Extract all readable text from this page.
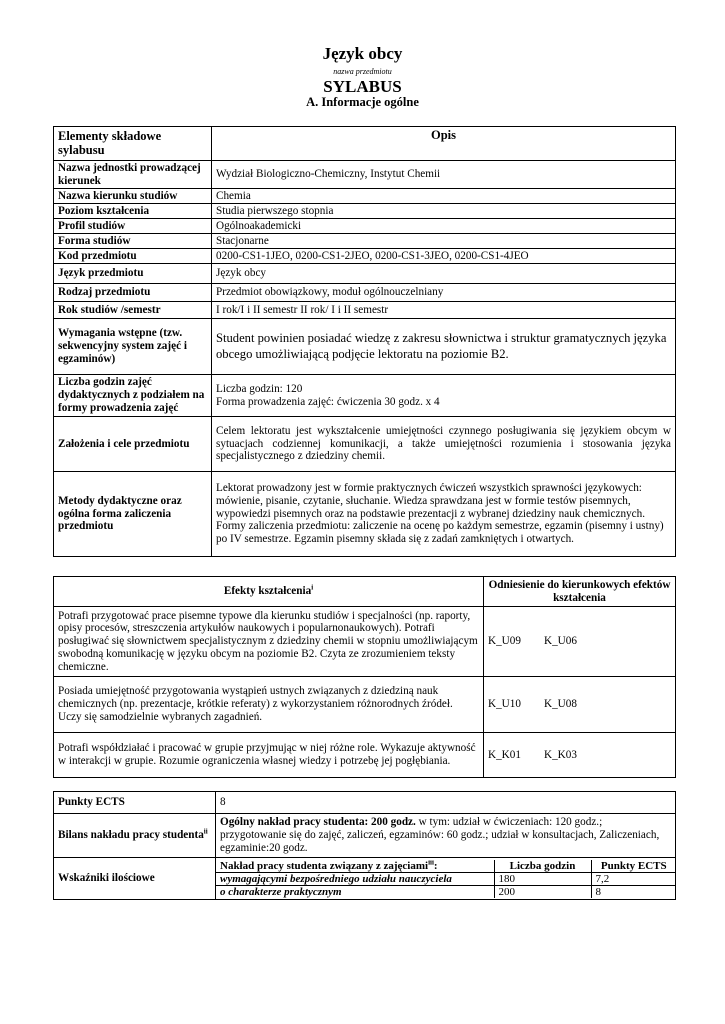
Język obcy
nazwa przedmiotu
SYLABUS
A. Informacje ogólne
Elementy składowe sylabusu	Opis
Nazwa jednostki prowadzącej kierunek	Wydział Biologiczno-Chemiczny, Instytut Chemii
Nazwa kierunku studiów	Chemia
Poziom kształcenia	Studia pierwszego stopnia
Profil studiów	Ogólnoakademicki
Forma studiów	Stacjonarne
Kod przedmiotu	0200-CS1-1JEO, 0200-CS1-2JEO, 0200-CS1-3JEO, 0200-CS1-4JEO
Język przedmiotu	Język obcy
Rodzaj przedmiotu	Przedmiot obowiązkowy, moduł ogólnouczelniany
Rok studiów /semestr	I rok/I i II semestr II rok/ I i II semestr
Wymagania wstępne (tzw. sekwencyjny system zajęć i egzaminów)	Student powinien posiadać wiedzę z zakresu słownictwa i struktur gramatycznych języka obcego umożliwiającą podjęcie lektoratu na poziomie B2.
Liczba godzin zajęć dydaktycznych z podziałem na formy prowadzenia zajęć	Liczba godzin: 120
Forma prowadzenia zajęć: ćwiczenia 30 godz. x 4

Założenia i cele przedmiotu	Celem lektoratu jest wykształcenie umiejętności czynnego posługiwania się językiem obcym w sytuacjach codziennej komunikacji, a także umiejętności rozumienia i stosowania języka specjalistycznego z dziedziny chemii.
Metody dydaktyczne oraz ogólna forma zaliczenia przedmiotu	Lektorat prowadzony jest w formie praktycznych ćwiczeń wszystkich sprawności językowych: mówienie, pisanie, czytanie, słuchanie. Wiedza sprawdzana jest w formie testów pisemnych, wypowiedzi pisemnych oraz na podstawie prezentacji z wybranej dziedziny nauk chemicznych.
Formy zaliczenia przedmiotu: zaliczenie na ocenę po każdym semestrze, egzamin (pisemny i ustny) po IV semestrze. Egzamin pisemny składa się z zadań zamkniętych i otwartych.
Efekty kształcenia$^i$	Odniesienie do kierunkowych efektów kształcenia
Potrafi przygotować prace pisemne typowe dla kierunku studiów i specjalności (np. raporty, opisy procesów, streszczenia artykułów naukowych i popularnonaukowych). Potrafi posługiwać się słownictwem specjalistycznym z dziedziny chemii w stopniu umożliwiającym swobodną komunikację w języku obcym na poziomie B2. Czyta ze zrozumieniem teksty chemiczne.	K_U09 K_U06
Posiada umiejętność przygotowania wystąpień ustnych związanych z dziedziną nauk chemicznych (np. prezentacje, krótkie referaty) z wykorzystaniem różnorodnych źródeł. Uczy się samodzielnie wybranych zagadnień.	K_U10 K_U08
Potrafi współdziałać i pracować w grupie przyjmując w niej różne role. Wykazuje aktywność w interakcji w grupie. Rozumie ograniczenia własnej wiedzy i potrzebę jej pogłębiania.	K_K01 K_K03
Punkty ECTS	8
Bilans nakładu pracy studenta$^{ii}$	Ogólny nakład pracy studenta: 200 godz. w tym: udział w ćwiczeniach: 120 godz.; przygotowanie się do zajęć, zaliczeń, egzaminów: 60 godz.; udział w konsultacjach, Zaliczeniach, egzaminie:20 godz.
Wskaźniki ilościowe	
Nakład pracy studenta związany z zajęciami$^{iii}$:	Liczba godzin	Punkty ECTS
wymagającymi bezpośredniego udziału nauczyciela	180	7,2
o charakterze praktycznym	200	8
